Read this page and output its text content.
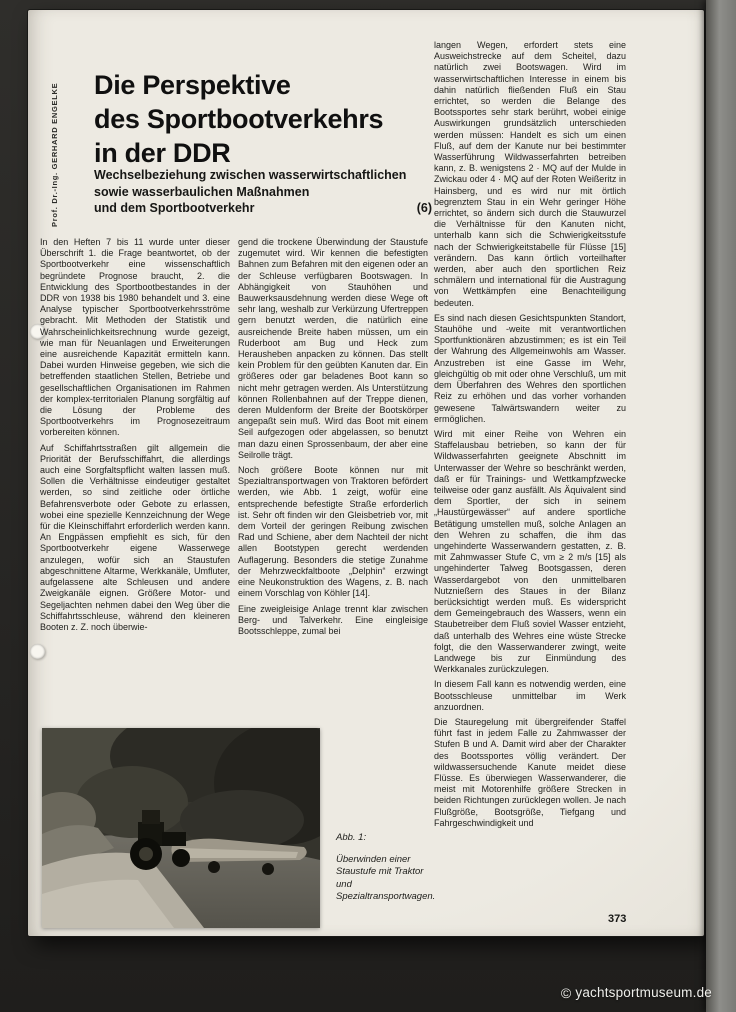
Prof. Dr.-Ing. GERHARD ENGELKE Die Perspektive
des Sportbootverkehrs
in der DDR
Wechselbeziehung zwischen wasserwirtschaftlichen
sowie wasserbaulichen Maßnahmen
und dem Sportbootverkehr	(6)

In den Heften 7 bis 11 wurde unter dieser Überschrift 1. die Frage beantwortet, ob der Sportbootverkehr eine wissenschaftlich begründete Prognose braucht, 2. die Entwicklung des Sportbootbestandes in der DDR von 1938 bis 1980 behandelt und 3. eine Analyse typischer Sportbootverkehrsströme gebracht. Mit Methoden der Statistik und Wahrscheinlichkeitsrechnung wurde gezeigt, wie man für Neuanlagen und Erweiterungen eine ausreichende Kapazität ermitteln kann. Dabei wurden Hinweise gegeben, wie sich die betreffenden staatlichen Stellen, Betriebe und gesellschaftlichen Organisationen im Rahmen der komplex-territorialen Planung sorgfältig auf die Lösung der Probleme des Sportbootverkehrs im Prognosezeitraum vorbereiten können.

Auf Schiffahrtsstraßen gilt allgemein die Priorität der Berufsschiffahrt, die allerdings auch eine Sorgfaltspflicht walten lassen muß. Sollen die Verhältnisse eindeutiger gestaltet werden, so sind zeitliche oder örtliche Befahrensverbote oder Gebote zu erlassen, wobei eine spezielle Kennzeichnung der Wege für die Kleinschiffahrt erforderlich werden kann. An Engpässen empfiehlt es sich, für den Sportbootverkehr eigene Wasserwege anzulegen, wofür sich an Staustufen abgeschnittene Altarme, Werkkanäle, Umfluter, aufgelassene alte Schleusen und andere Zweigkanäle eignen. Größere Motor- und Segeljachten nehmen dabei den Weg über die Schiffahrtsschleuse, während den kleineren Booten z. Z. noch überwie-

gend die trockene Überwindung der Staustufe zugemutet wird. Wir kennen die befestigten Bahnen zum Befahren mit den eigenen oder an der Schleuse verfügbaren Bootswagen. In Abhängigkeit von Stauhöhen und Bauwerksausdehnung werden diese Wege oft sehr lang, weshalb zur Verkürzung Ufertreppen gern benutzt werden, die natürlich eine ausreichende Breite haben müssen, um ein Ruderboot am Bug und Heck zum Herausheben anpacken zu können. Das stellt kein Problem für den geübten Kanuten dar. Ein größeres oder gar beladenes Boot kann so nicht mehr getragen werden. Als Unterstützung können Rollenbahnen auf der Treppe dienen, deren Muldenform der Breite der Bootskörper angepaßt sein muß. Wird das Boot mit einem Seil aufgezogen oder abgelassen, so benutzt man dazu einen Sprossenbaum, der aber eine Seilrolle trägt.

Noch größere Boote können nur mit Spezialtransportwagen von Traktoren befördert werden, wie Abb. 1 zeigt, wofür eine entsprechende befestigte Straße erforderlich ist. Sehr oft finden wir den Gleisbetrieb vor, mit dem Vorteil der geringen Reibung zwischen Rad und Schiene, aber dem Nachteil der nicht allen Bootstypen gerecht werdenden Auflagerung. Besonders die stetige Zunahme der Mehrzweckfaltboote „Delphin“ erzwingt eine Neukonstruktion des Wagens, z. B. nach einem Vorschlag von Köhler [14].

Eine zweigleisige Anlage trennt klar zwischen Berg- und Talverkehr. Eine eingleisige Bootsschleppe, zumal bei

langen Wegen, erfordert stets eine Ausweichstrecke auf dem Scheitel, dazu natürlich zwei Bootswagen. Wird im wasserwirtschaftlichen Interesse in einem bis dahin natürlich fließenden Fluß ein Stau errichtet, so werden die Belange des Bootssportes sehr stark berührt, wobei einige Auswirkungen grundsätzlich unterschieden werden müssen: Handelt es sich um einen Fluß, auf dem der Kanute nur bei bestimmter Wasserführung Wildwasserfahrten betreiben kann, z. B. wenigstens 2 · MQ auf der Mulde in Zwickau oder 4 · MQ auf der Roten Weißeritz in Hainsberg, und es wird nur mit örtlich begrenztem Stau in ein Wehr geringer Höhe errichtet, so ändern sich durch die Stauwurzel die Verhältnisse für den Kanuten nicht, unterhalb kann sich die Schwierigkeitsstufe nach der Schwierigkeitstabelle für Flüsse [15] verändern. Das kann örtlich vorteilhafter werden, aber auch den sportlichen Reiz schmälern und international für die Austragung von Wettkämpfen eine Benachteiligung bedeuten.

Es sind nach diesen Gesichtspunkten Standort, Stauhöhe und -weite mit verantwortlichen Sportfunktionären abzustimmen; es ist ein Teil der Wahrung des Allgemeinwohls am Wasser. Anzustreben ist eine Gasse im Wehr, gleichgültig ob mit oder ohne Verschluß, um mit dem Überfahren des Wehres den sportlichen Reiz zu erhöhen und das vorher vorhanden gewesene Talwärtswandern weiter zu ermöglichen.

Wird mit einer Reihe von Wehren ein Staffelausbau betrieben, so kann der für Wildwasserfahrten geeignete Abschnitt im Unterwasser der Wehre so beschränkt werden, daß er für Trainings- und Wettkampfzwecke teilweise oder ganz ausfällt. Als Äquivalent sind dem Sportler, der sich in seinem „Haustürgewässer“ auf andere sportliche Betätigung umstellen muß, solche Anlagen an den Wehren zu schaffen, die ihm das ungehinderte Wasserwandern gestatten, z. B. mit Zahmwasser Stufe C, vm ≥ 2 m/s [15] als ungehinderter Talweg Bootsgassen, deren Wasserdargebot von den unmittelbaren Nutznießern des Staues in der Bilanz berücksichtigt werden muß. Es widerspricht dem Gemeingebrauch des Wassers, wenn ein Staubetreiber dem Fluß soviel Wasser entzieht, daß unterhalb des Wehres eine wüste Strecke folgt, die den Wasserwanderer zwingt, weite Landwege bis zur Einmündung des Werkkanales zurückzulegen.

In diesem Fall kann es notwendig werden, eine Bootsschleuse unmittelbar im Werk anzuordnen.

Die Stauregelung mit übergreifender Staffel führt fast in jedem Falle zu Zahmwasser der Stufen B und A. Damit wird aber der Charakter des Bootssportes völlig verändert. Der wildwassersuchende Kanute meidet diese Flüsse. Es überwiegen Wasserwanderer, die meist mit Motorenhilfe größere Strecken in beiden Richtungen zurücklegen wollen. Je nach Flußgröße, Bootsgröße, Tiefgang und Fahrgeschwindigkeit und

Abb. 1:
Überwinden einer Staustufe mit Traktor und Spezialtransportwagen.
373
© yachtsportmuseum.de
